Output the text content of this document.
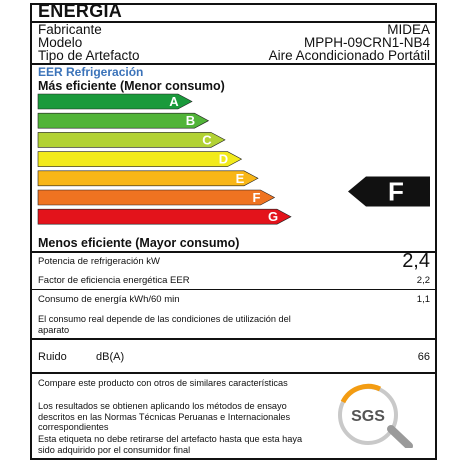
ENERGIA
Fabricante	MIDEA
Modelo	MPPH-09CRN1-NB4
Tipo de Artefacto	Aire Acondicionado Portátil
EER Refrigeración
Más eficiente (Menor consumo)
A
B
C
D
E
F
G
F
Menos eficiente (Mayor consumo)
Potencia de refrigeración kW	2,4
Factor de eficiencia energética EER	2,2
Consumo de energía kWh/60 min	1,1
El consumo real depende de las condiciones de utilización del aparato
Ruido	dB(A)	66
Compare este producto con otros de similares características
Los resultados se obtienen aplicando los métodos de ensayo descritos en las Normas Técnicas Peruanas e Internacionales correspondientes
Esta etiqueta no debe retirarse del artefacto hasta que esta haya sido adquirido por el consumidor final
SGS
